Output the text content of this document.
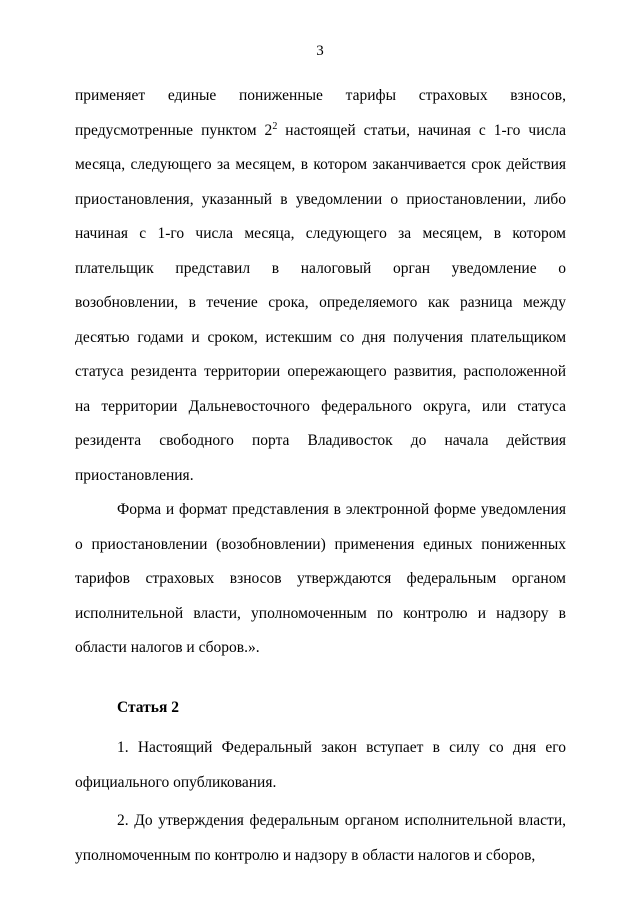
3

применяет единые пониженные тарифы страховых взносов, предусмотренные пунктом $2^2$ настоящей статьи, начиная с 1-го числа месяца, следующего за месяцем, в котором заканчивается срок действия приостановления, указанный в уведомлении о приостановлении, либо начиная с 1-го числа месяца, следующего за месяцем, в котором плательщик представил в налоговый орган уведомление о возобновлении, в течение срока, определяемого как разница между десятью годами и сроком, истекшим со дня получения плательщиком статуса резидента территории опережающего развития, расположенной на территории Дальневосточного федерального округа, или статуса резидента свободного порта Владивосток до начала действия приостановления.

Форма и формат представления в электронной форме уведомления о приостановлении (возобновлении) применения единых пониженных тарифов страховых взносов утверждаются федеральным органом исполнительной власти, уполномоченным по контролю и надзору в области налогов и сборов.».

Статья 2

1. Настоящий Федеральный закон вступает в силу со дня его официального опубликования.

2. До утверждения федеральным органом исполнительной власти, уполномоченным по контролю и надзору в области налогов и сборов,
